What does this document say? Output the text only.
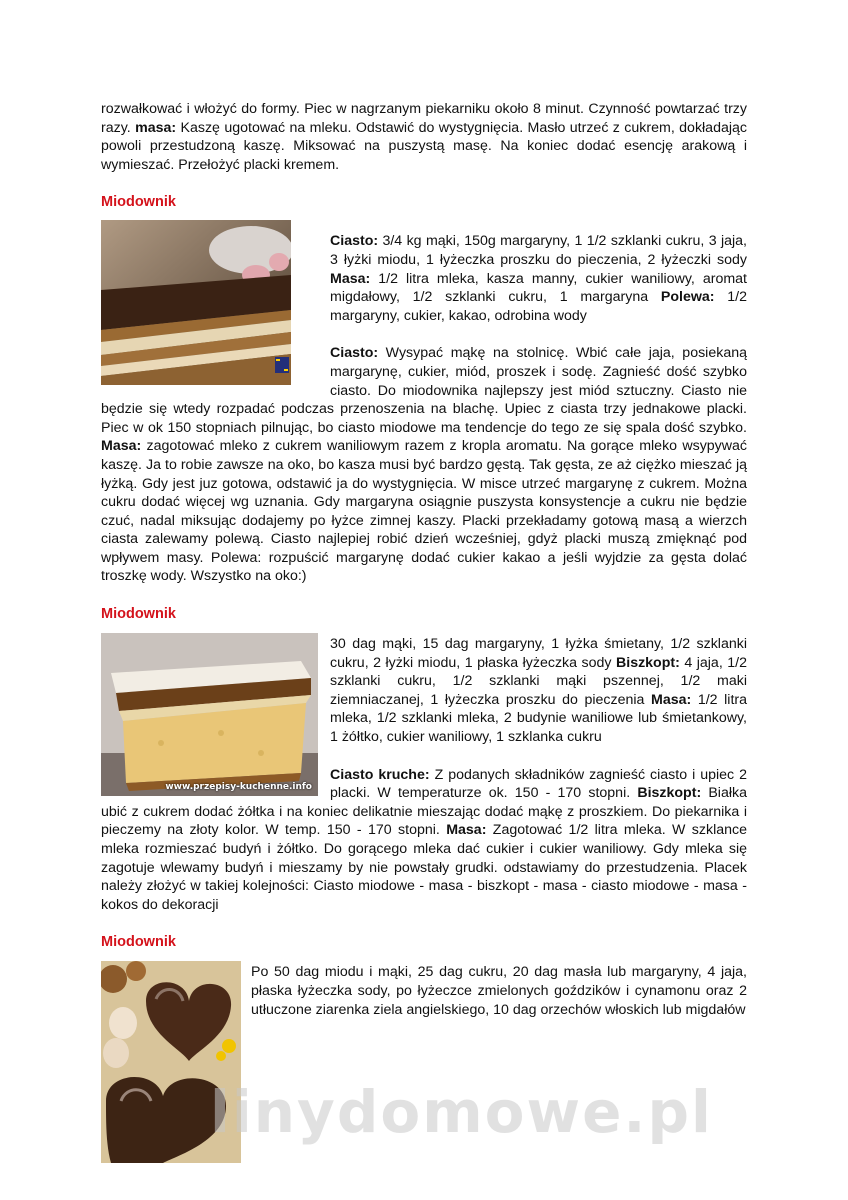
rozwałkować i włożyć do formy. Piec w nagrzanym piekarniku około 8 minut. Czynność powtarzać trzy razy. masa: Kaszę ugotować na mleku. Odstawić do wystygnięcia. Masło utrzeć z cukrem, dokładając powoli przestudzoną kaszę. Miksować na puszystą masę. Na koniec dodać esencję arakową i wymieszać. Przełożyć placki kremem.

Miodownik

Ciasto: 3/4 kg mąki, 150g margaryny, 1 1/2 szklanki cukru, 3 jaja, 3 łyżki miodu, 1 łyżeczka proszku do pieczenia, 2 łyżeczki sody Masa: 1/2 litra mleka, kasza manny, cukier waniliowy, aromat migdałowy, 1/2 szklanki cukru, 1 margaryna Polewa: 1/2 margaryny, cukier, kakao, odrobina wody

Ciasto: Wysypać mąkę na stolnicę. Wbić całe jaja, posiekaną margarynę, cukier, miód, proszek i sodę. Zagnieść dość szybko ciasto. Do miodownika najlepszy jest miód sztuczny. Ciasto nie będzie się wtedy rozpadać podczas przenoszenia na blachę. Upiec z ciasta trzy jednakowe placki. Piec w ok 150 stopniach pilnując, bo ciasto miodowe ma tendencje do tego ze się spala dość szybko. Masa: zagotować mleko z cukrem waniliowym razem z kropla aromatu. Na gorące mleko wsypywać kaszę. Ja to robie zawsze na oko, bo kasza musi być bardzo gęstą. Tak gęsta, ze aż ciężko mieszać ją łyżką. Gdy jest juz gotowa, odstawić ja do wystygnięcia. W misce utrzeć margarynę z cukrem. Można cukru dodać więcej wg uznania. Gdy margaryna osiągnie puszysta konsystencje a cukru nie będzie czuć, nadal miksując dodajemy po łyżce zimnej kaszy. Placki przekładamy gotową masą a wierzch ciasta zalewamy polewą. Ciasto najlepiej robić dzień wcześniej, gdyż placki muszą zmięknąć pod wpływem masy. Polewa: rozpuścić margarynę dodać cukier kakao a jeśli wyjdzie za gęsta dolać troszkę wody. Wszystko na oko:)

Miodownik
www.przepisy-kuchenne.info

30 dag mąki, 15 dag margaryny, 1 łyżka śmietany, 1/2 szklanki cukru, 2 łyżki miodu, 1 płaska łyżeczka sody Biszkopt: 4 jaja, 1/2 szklanki cukru, 1/2 szklanki mąki pszennej, 1/2 maki ziemniaczanej, 1 łyżeczka proszku do pieczenia Masa: 1/2 litra mleka, 1/2 szklanki mleka, 2 budynie waniliowe lub śmietankowy, 1 żółtko, cukier waniliowy, 1 szklanka cukru

Ciasto kruche: Z podanych składników zagnieść ciasto i upiec 2 placki. W temperaturze ok. 150 - 170 stopni. Biszkopt: Białka ubić z cukrem dodać żółtka i na koniec delikatnie mieszając dodać mąkę z proszkiem. Do piekarnika i pieczemy na złoty kolor. W temp. 150 - 170 stopni. Masa: Zagotować 1/2 litra mleka. W szklance mleka rozmieszać budyń i żółtko. Do gorącego mleka dać cukier i cukier waniliowy. Gdy mleka się zagotuje wlewamy budyń i mieszamy by nie powstały grudki. odstawiamy do przestudzenia. Placek należy złożyć w takiej kolejności: Ciasto miodowe - masa - biszkopt - masa - ciasto miodowe - masa - kokos do dekoracji

Miodownik

Po 50 dag miodu i mąki, 25 dag cukru, 20 dag masła lub margaryny, 4 jaja, płaska łyżeczka sody, po łyżeczce zmielonych goździków i cynamonu oraz 2 utłuczone ziarenka ziela angielskiego, 10 dag orzechów włoskich lub migdałów

linydomowe.pl
